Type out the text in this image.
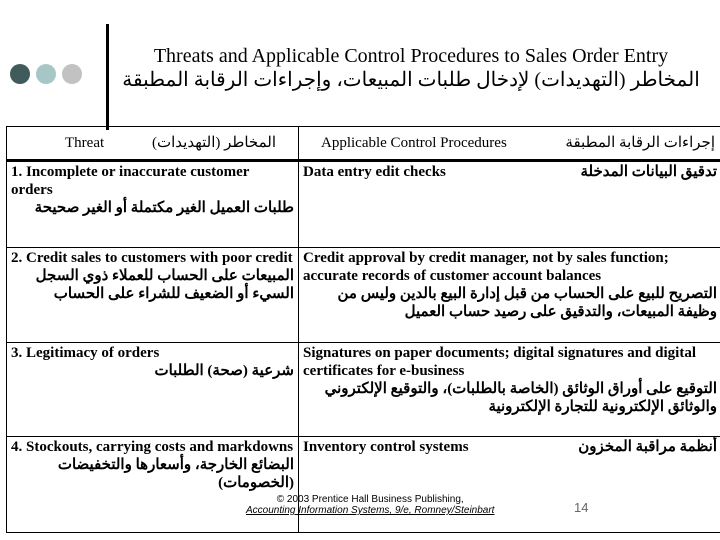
Threats and Applicable Control Procedures to Sales Order Entry
المخاطر (التهديدات) لإدخال طلبات المبيعات، وإجراءات الرقابة المطبقة
Threat المخاطر (التهديدات)	Applicable Control Procedures إجراءات الرقابة المطبقة

1. Incomplete or inaccurate customer orders
طلبات العميل الغير مكتملة أو الغير صحيحة	Data entry edit checks تدقيق البيانات المدخلة

2. Credit sales to customers with poor credit
المبيعات على الحساب للعملاء ذوي السجل السيء أو الضعيف للشراء على الحساب	Credit approval by credit manager, not by sales function; accurate records of customer account balances
التصريح للبيع على الحساب من قبل إدارة البيع بالدين وليس من وظيفة المبيعات، والتدقيق على رصيد حساب العميل

3. Legitimacy of orders
شرعية (صحة) الطلبات	Signatures on paper documents; digital signatures and digital certificates for e-business
التوقيع على أوراق الوثائق (الخاصة بالطلبات)، والتوقيع الإلكتروني والوثائق الإلكترونية للتجارة الإلكترونية

4. Stockouts, carrying costs and markdowns
البضائع الخارجة، وأسعارها والتخفيضات (الخصومات)	Inventory control systems أنظمة مراقبة المخزون
© 2003 Prentice Hall Business Publishing,
Accounting Information Systems, 9/e, Romney/Steinbart	14
